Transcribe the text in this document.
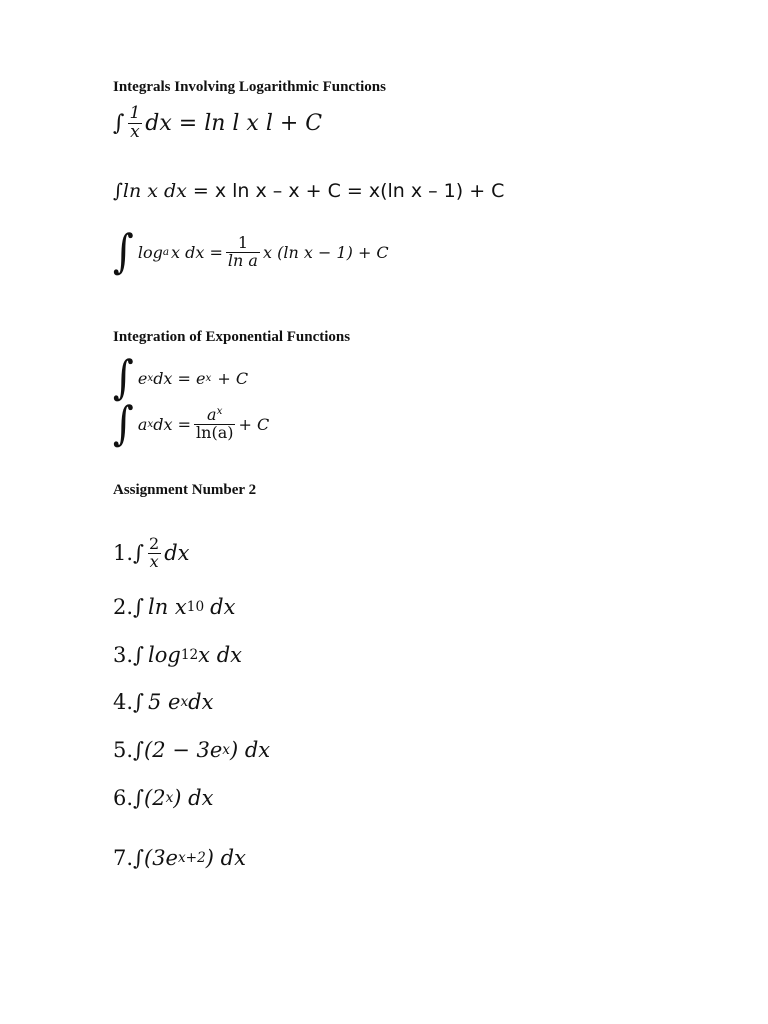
Integrals Involving Logarithmic Functions
Integration of Exponential Functions
Assignment Number 2
∫ $\frac{1}{x}$ dx = ln l x l + C
∫ ln x dx = x ln x – x + C = x(ln x – 1) + C
∫ log a x dx = $\frac{1}{\text{ln a}}$ x (ln x − 1) + C
∫ e x dx = e x + C
∫ a x dx = $\frac{a^x}{\ln(a)} + C$
1. ∫ $\frac{2}{x}$ dx
2. ∫ ln x 10 dx
3. ∫ log 12 x dx
4. ∫ 5 e x dx
5. ∫ (2 − 3e x ) dx
6. ∫ (2 x ) dx
7. ∫ (3e x+2 ) dx
